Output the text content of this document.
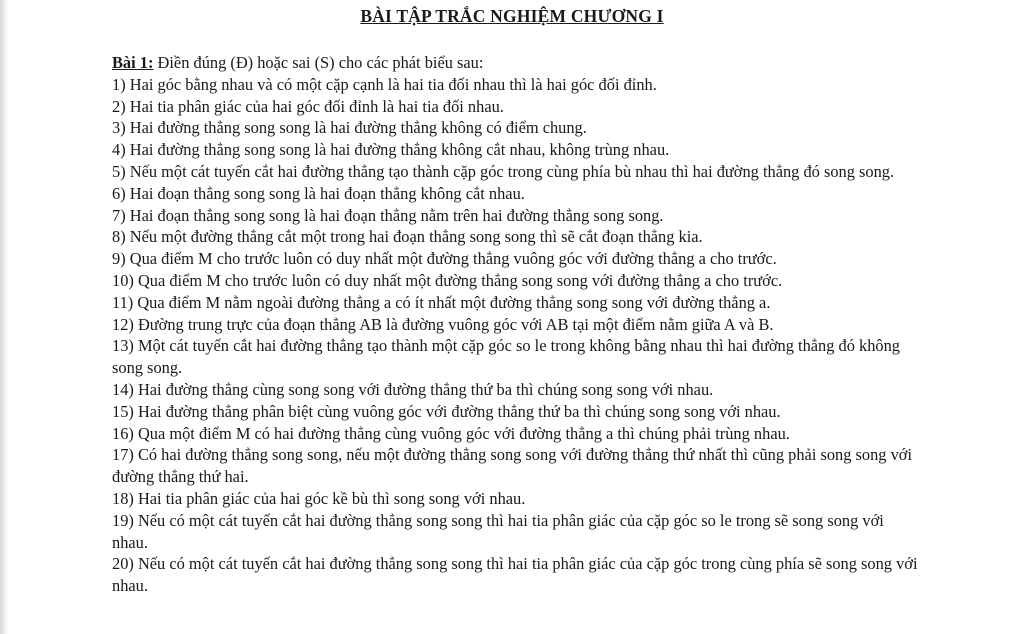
BÀI TẬP TRẮC NGHIỆM CHƯƠNG I

Bài 1: Điền đúng (Đ) hoặc sai (S) cho các phát biểu sau:

1) Hai góc bằng nhau và có một cặp cạnh là hai tia đối nhau thì là hai góc đối đỉnh.
2) Hai tia phân giác của hai góc đối đỉnh là hai tia đối nhau.
3) Hai đường thẳng song song là hai đường thẳng không có điểm chung.
4) Hai đường thẳng song song là hai đường thẳng không cắt nhau, không trùng nhau.
5) Nếu một cát tuyến cắt hai đường thẳng tạo thành cặp góc trong cùng phía bù nhau thì hai đường thẳng đó song song.
6) Hai đoạn thẳng song song là hai đoạn thẳng không cắt nhau.
7) Hai đoạn thẳng song song là hai đoạn thẳng nằm trên hai đường thẳng song song.
8) Nếu một đường thẳng cắt một trong hai đoạn thẳng song song thì sẽ cắt đoạn thẳng kia.
9) Qua điểm M cho trước luôn có duy nhất một đường thẳng vuông góc với đường thẳng a cho trước.
10) Qua điểm M cho trước luôn có duy nhất một đường thẳng song song với đường thẳng a cho trước.
11) Qua điểm M nằm ngoài đường thẳng a có ít nhất một đường thẳng song song với đường thẳng a.
12) Đường trung trực của đoạn thẳng AB là đường vuông góc với AB tại một điểm nằm giữa A và B.
13) Một cát tuyến cắt hai đường thẳng tạo thành một cặp góc so le trong không bằng nhau thì hai đường thẳng đó không song song.
14) Hai đường thẳng cùng song song với đường thẳng thứ ba thì chúng song song với nhau.
15) Hai đường thẳng phân biệt cùng vuông góc với đường thẳng thứ ba thì chúng song song với nhau.
16) Qua một điểm M có hai đường thẳng cùng vuông góc với đường thẳng a thì chúng phải trùng nhau.
17) Có hai đường thẳng song song, nếu một đường thẳng song song với đường thẳng thứ nhất thì cũng phải song song với đường thẳng thứ hai.
18) Hai tia phân giác của hai góc kề bù thì song song với nhau.
19) Nếu có một cát tuyến cắt hai đường thẳng song song thì hai tia phân giác của cặp góc so le trong sẽ song song với nhau.
20) Nếu có một cát tuyến cắt hai đường thẳng song song thì hai tia phân giác của cặp góc trong cùng phía sẽ song song với nhau.
